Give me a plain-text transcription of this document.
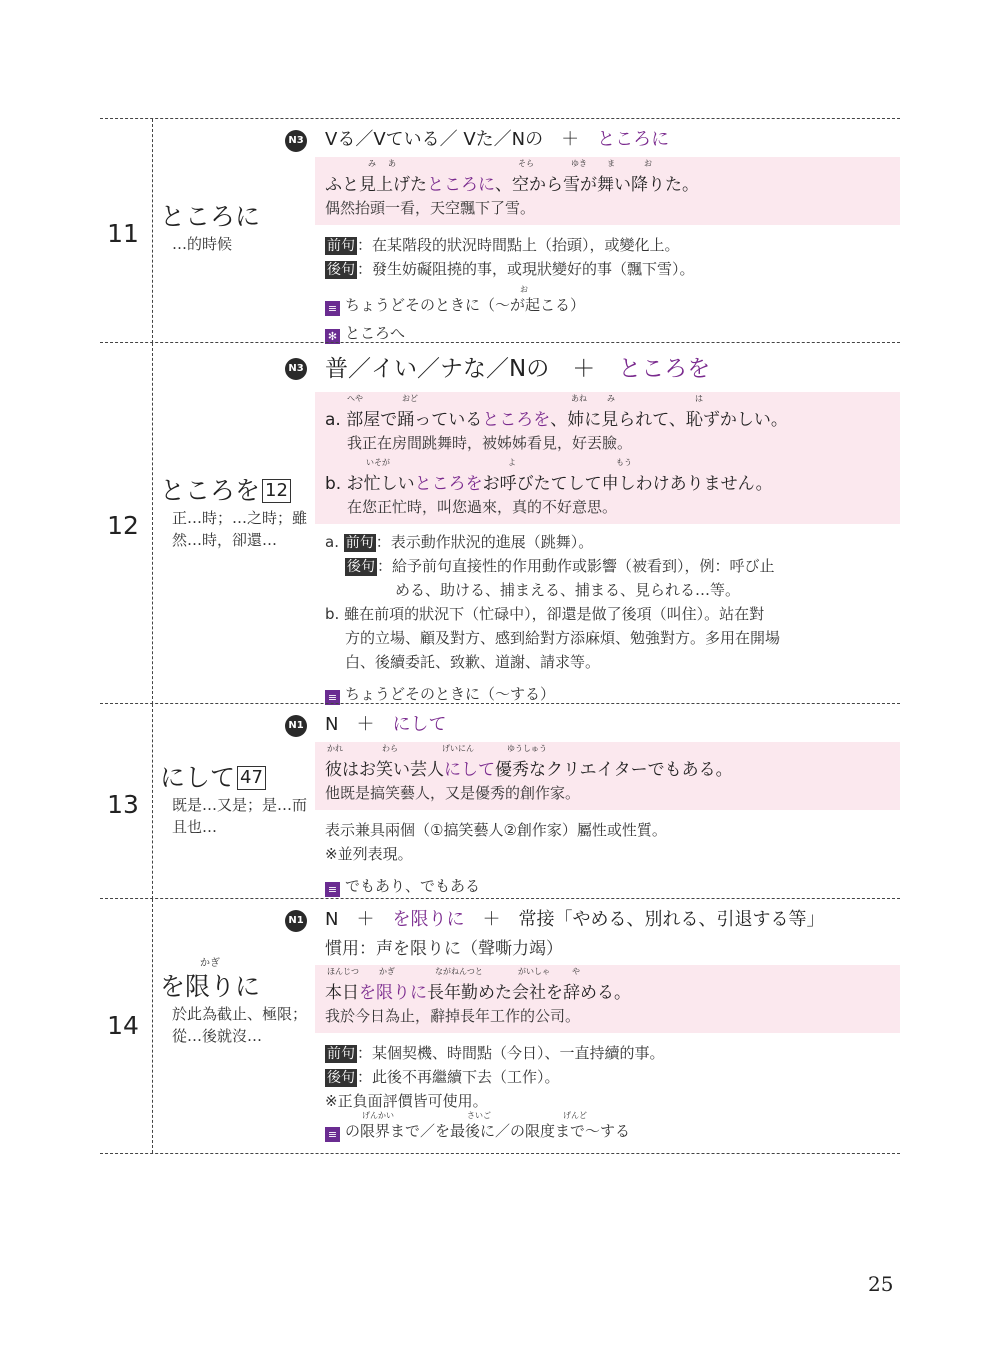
11
ところに
…的時候
N3 Vる／Vている／ Vた／Nの　＋　ところに
み あ	そら	ゆき	ま	お
ふと見上げたところに、空から雪が舞い降りた。
偶然抬頭一看，天空飄下了雪。
前句 ：在某階段的狀況時間點上（抬頭），或變化上。
後句 ：發生妨礙阻撓的事，或現狀變好的事（飄下雪）。
お
≡ ちょうどそのときに（〜が起こる）
✻ ところへ
12
ところを 12
正…時；…之時；雖然…時，卻還…
N3 普／イい／ナな／Nの　＋　ところを
へや	おど	あね	み	は
a. 部屋で踊っているところを、姉に見られて、恥ずかしい。
我正在房間跳舞時，被姊姊看見，好丟臉。
いそが	よ	もう
b. お忙しいところをお呼びたてして申しわけありません。
在您正忙時，叫您過來，真的不好意思。
a. 前句 ：表示動作狀況的進展（跳舞）。
後句 ：給予前句直接性的作用動作或影響（被看到），例：呼び止
める、助ける、捕まえる、捕まる、見られる…等。
b. 雖在前項的狀況下（忙碌中），卻還是做了後項（叫住）。站在對
方的立場、顧及對方、感到給對方添麻煩、勉強對方。多用在開場
白、後續委託、致歉、道謝、請求等。
≡ ちょうどそのときに（〜する）
13
にして 47
既是…又是；是…而且也…
N1 N　＋　にして
かれ	わら	げいにん	ゆうしゅう
彼はお笑い芸人にして優秀なクリエイターでもある。
他既是搞笑藝人，又是優秀的創作家。
表示兼具兩個（①搞笑藝人②創作家）屬性或性質。
※並列表現。
≡ でもあり、でもある
14
かぎ
を限りに
於此為截止、極限；從…後就沒…
N1 N　＋　を限りに　＋　常接「やめる、別れる、引退する等」
慣用：声を限りに（聲嘶力竭）
ほんじつ	かぎ	ながねんつと	がいしゃ	や
本日を限りに長年勤めた会社を辞める。
我於今日為止，辭掉長年工作的公司。
前句 ：某個契機、時間點（今日）、一直持續的事。
後句 ：此後不再繼續下去（工作）。
※正負面評價皆可使用。
げんかい	さいご	げんど
≡ の限界まで／を最後に／の限度まで〜する
25
